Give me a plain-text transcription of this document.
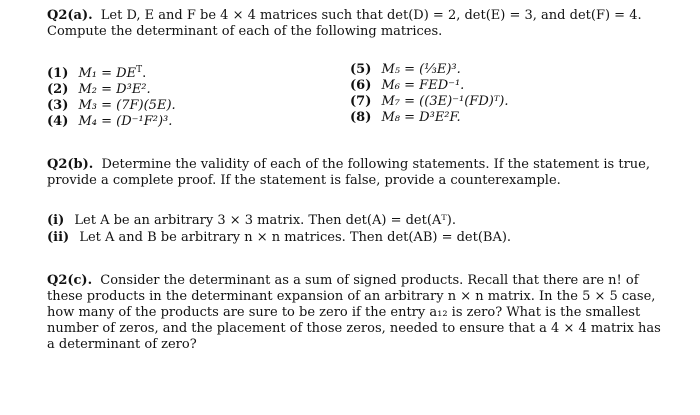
Q2(a). Let D, E and F be 4 × 4 matrices such that det(D) = 2, det(E) = 3, and det(F) = 4. Compute the determinant of each of the following matrices.
(1) $M_1 = DE^T$.
(2) M₂ = D³E².
(3) M₃ = (7F)(5E).
(4) M₄ = (D⁻¹F²)³.
(5) M₅ = (⅓E)³.
(6) M₆ = FED⁻¹.
(7) M₇ = ((3E)⁻¹(FD)ᵀ).
(8) M₈ = D³E²F.
Q2(b). Determine the validity of each of the following statements. If the statement is true, provide a complete proof. If the statement is false, provide a counterexample.
(i) Let A be an arbitrary 3 × 3 matrix. Then det(A) = det(Aᵀ).
(ii) Let A and B be arbitrary n × n matrices. Then det(AB) = det(BA).
Q2(c). Consider the determinant as a sum of signed products. Recall that there are n! of these products in the determinant expansion of an arbitrary n × n matrix. In the 5 × 5 case, how many of the products are sure to be zero if the entry a₁₂ is zero? What is the smallest number of zeros, and the placement of those zeros, needed to ensure that a 4 × 4 matrix has a determinant of zero?
